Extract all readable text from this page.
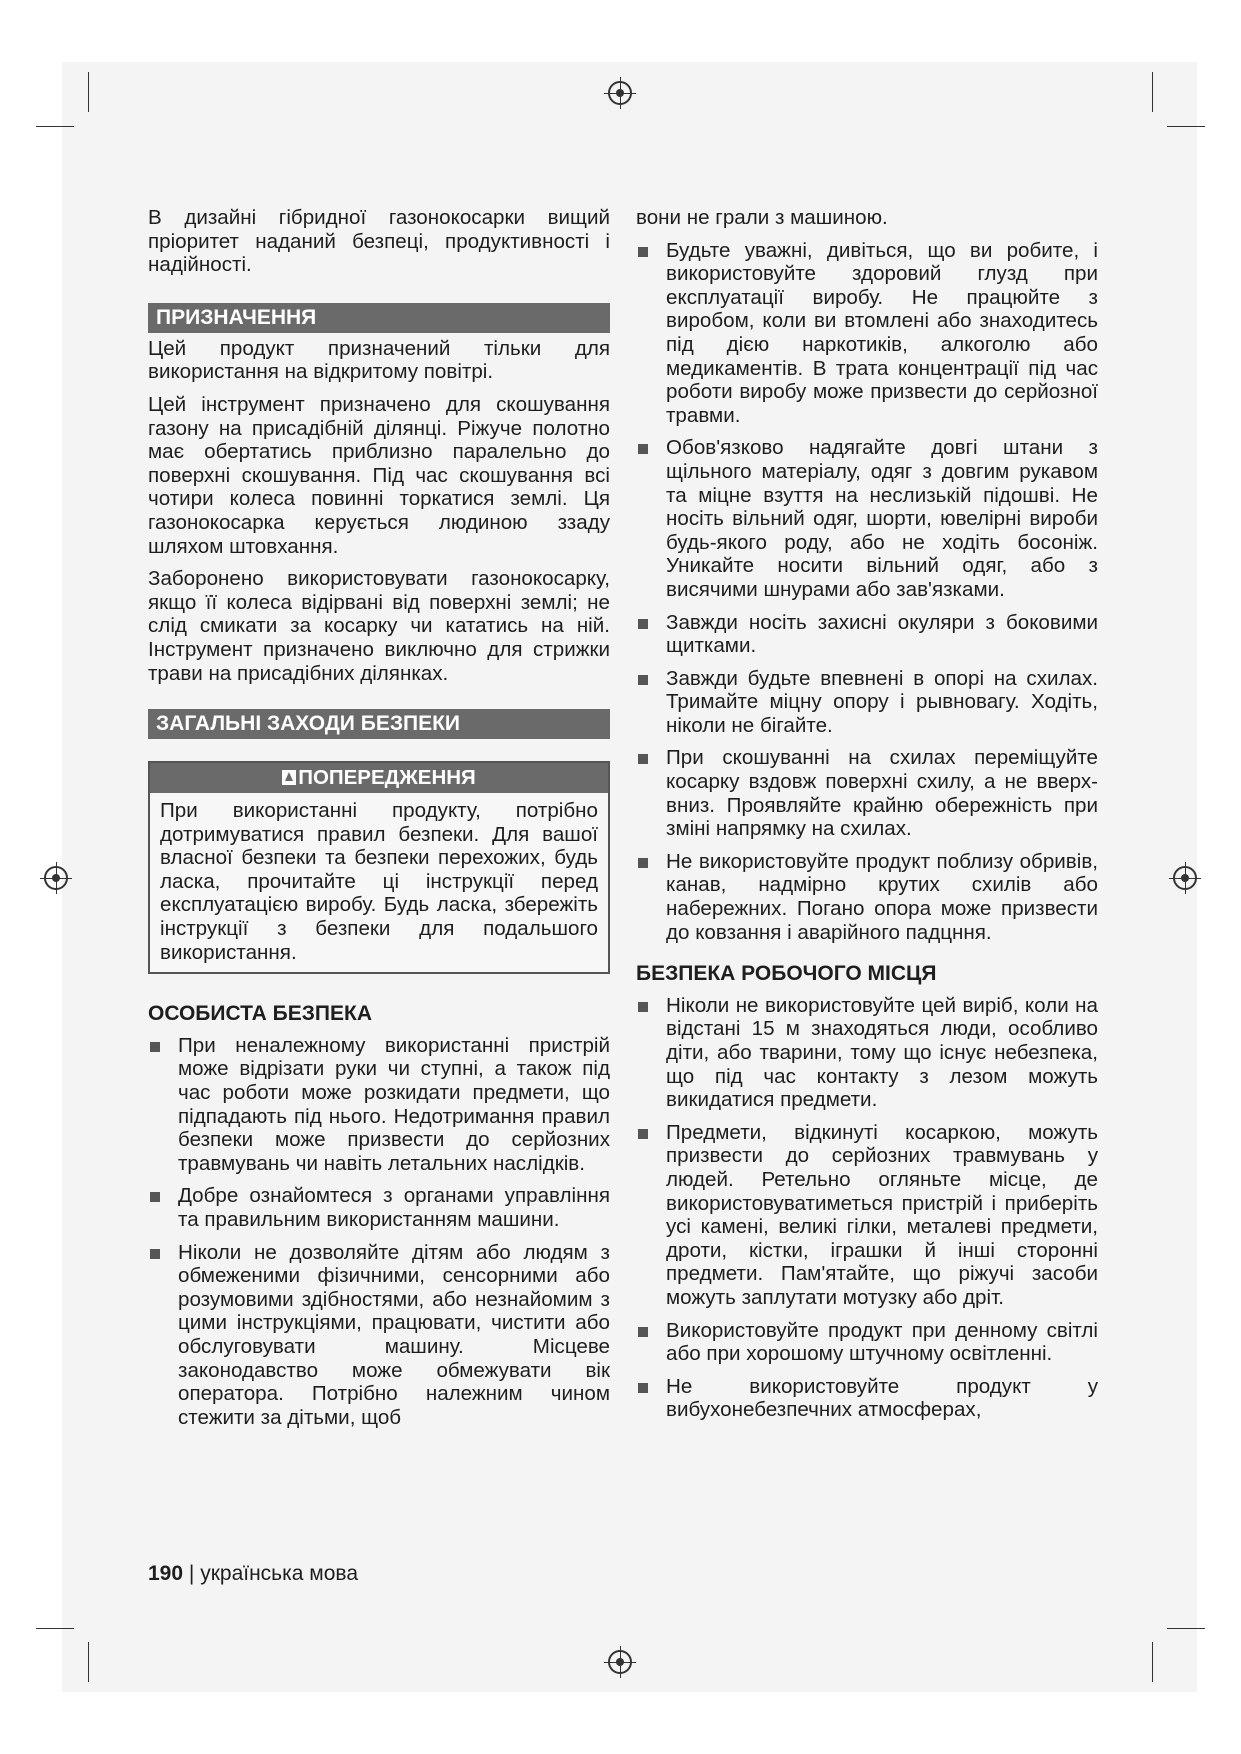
В дизайні гібридної газонокосарки вищий пріоритет наданий безпеці, продуктивності і надійності.

ПРИЗНАЧЕННЯ

Цей продукт призначений тільки для використання на відкритому повітрі.

Цей інструмент призначено для скошування газону на присадібній ділянці. Ріжуче полотно має обертатись приблизно паралельно до поверхні скошування. Під час скошування всі чотири колеса повинні торкатися землі. Ця газонокосарка керується людиною ззаду шляхом штовхання.

Заборонено використовувати газонокосарку, якщо її колеса відірвані від поверхні землі; не слід смикати за косарку чи кататись на ній. Інструмент призначено виключно для стрижки трави на присадібних ділянках.

ЗАГАЛЬНІ ЗАХОДИ БЕЗПЕКИ
ПОПЕРЕДЖЕННЯ
При використанні продукту, потрібно дотримуватися правил безпеки. Для вашої власної безпеки та безпеки перехожих, будь ласка, прочитайте ці інструкції перед експлуатацією виробу. Будь ласка, збережіть інструкції з безпеки для подальшого використання.
ОСОБИСТА БЕЗПЕКА
При неналежному використанні пристрій може відрізати руки чи ступні, а також під час роботи може розкидати предмети, що підпадають під нього. Недотримання правил безпеки може призвести до серйозних травмувань чи навіть летальних наслідків.
Добре ознайомтеся з органами управління та правильним використанням машини.
Ніколи не дозволяйте дітям або людям з обмеженими фізичними, сенсорними або розумовими здібностями, або незнайомим з цими інструкціями, працювати, чистити або обслуговувати машину. Місцеве законодавство може обмежувати вік оператора. Потрібно належним чином стежити за дітьми, щоб

вони не грали з машиною.

Будьте уважні, дивіться, що ви робите, і використовуйте здоровий глузд при експлуатації виробу. Не працюйте з виробом, коли ви втомлені або знаходитесь під дією наркотиків, алкоголю або медикаментів. В трата концентрації під час роботи виробу може призвести до серйозної травми.
Обов'язково надягайте довгі штани з щільного матеріалу, одяг з довгим рукавом та міцне взуття на неслизькій підошві. Не носіть вільний одяг, шорти, ювелірні вироби будь-якого роду, або не ходіть босоніж. Уникайте носити вільний одяг, або з висячими шнурами або зав'язками.
Завжди носіть захисні окуляри з боковими щитками.
Завжди будьте впевнені в опорі на схилах. Тримайте міцну опору і рывновагу. Ходіть, ніколи не бігайте.
При скошуванні на схилах переміщуйте косарку вздовж поверхні схилу, а не вверх-вниз. Проявляйте крайню обережність при зміні напрямку на схилах.
Не використовуйте продукт поблизу обривів, канав, надмірно крутих схилів або набережних. Погано опора може призвести до ковзання і аварійного падцння.
БЕЗПЕКА РОБОЧОГО МІСЦЯ
Ніколи не використовуйте цей виріб, коли на відстані 15 м знаходяться люди, особливо діти, або тварини, тому що існує небезпека, що під час контакту з лезом можуть викидатися предмети.
Предмети, відкинуті косаркою, можуть призвести до серйозних травмувань у людей. Ретельно огляньте місце, де використовуватиметься пристрій і приберіть усі камені, великі гілки, металеві предмети, дроти, кістки, іграшки й інші сторонні предмети. Пам'ятайте, що ріжучі засоби можуть заплутати мотузку або дріт.
Використовуйте продукт при денному світлі або при хорошому штучному освітленні.
Не використовуйте продукт у вибухонебезпечних атмосферах,
190 | українська мова
